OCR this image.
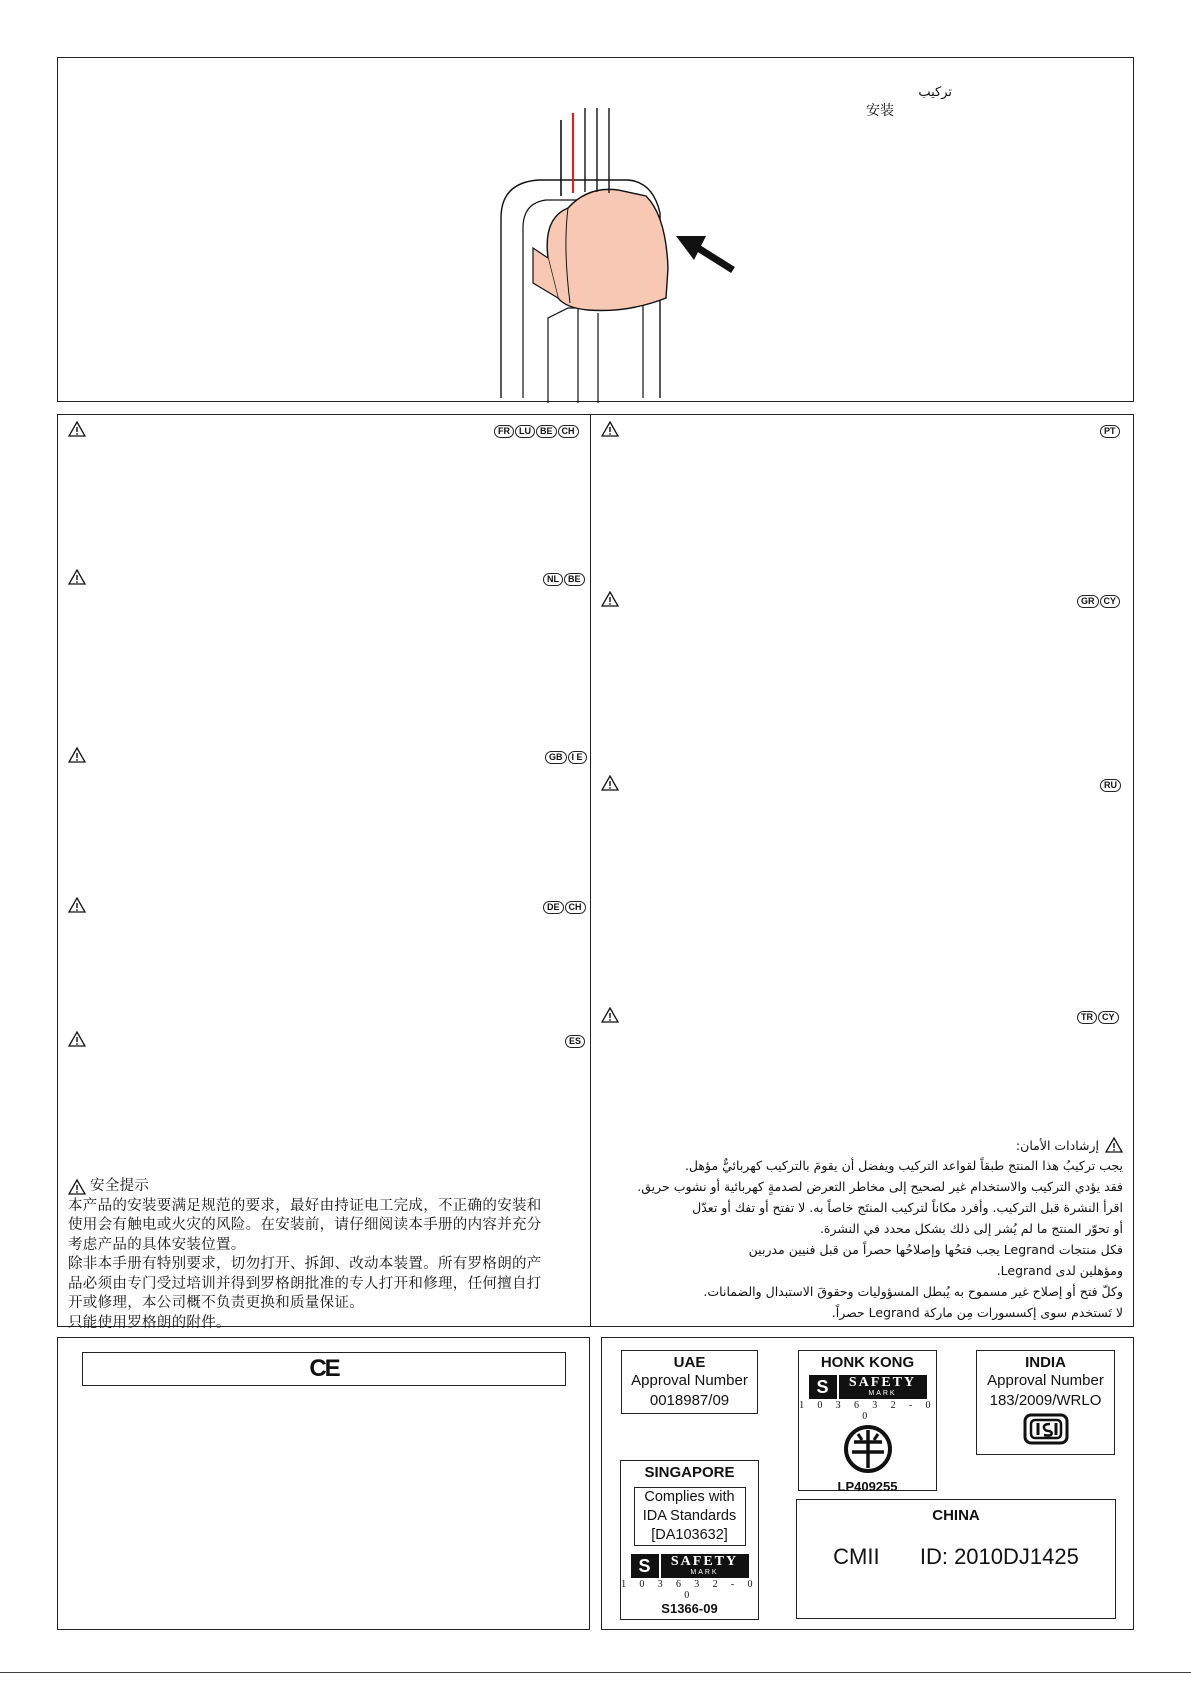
تركيب
安装
FR	LU	BE	CH
NL	BE
GB	I E
DE	CH
ES
安全提示
本产品的安装要满足规范的要求，最好由持证电工完成，不正确的安装和
使用会有触电或火灾的风险。在安装前，请仔细阅读本手册的内容并充分
考虑产品的具体安装位置。
除非本手册有特别要求，切勿打开、拆卸、改动本装置。所有罗格朗的产
品必须由专门受过培训并得到罗格朗批准的专人打开和修理，任何擅自打
开或修理，本公司概不负责更换和质量保证。
只能使用罗格朗的附件。
PT
GR	CY
RU
TR	CY
إرشادات الأمان:
يجب تركيبُ هذا المنتج طبقاً لقواعد التركيب ويفضل أن يقومَ بالتركيب كهربائيٌّ مؤهل.
فقد يؤدي التركيب والاستخدام غير لصحيح إلى مخاطر التعرض لصدمةٍ كهربائية أو نشوب حريق.
اقرأ النشرة قبل التركيب. وأفرد مكاناً لتركيب المنتَج خاصاً به. لا تفتح أو تفك أو تعدّل
أو تحوّر المنتج ما لم يُشر إلى ذلك بشكل محدد في النشرة.
فكل منتجات Legrand يجب فتحُها وإصلاحُها حصراً من قبل فنيين مدربين
ومؤهلين لدى Legrand.
وكلّ فتح أو إصلاح غير مسموح به يُبطل المسؤوليات وحقوقَ الاستبدال والضمانات.
لا تَستخدم سوى إكسسورات مِن ماركة Legrand حصراً.
CE	UAE
Approval Number
0018987/09
HONK KONG
S	SAFETY
MARK
1 0 3 6 3 2 - 0 0
LP409255
INDIA
Approval Number
183/2009/WRLO
SINGAPORE
Complies with
IDA Standards
[DA103632]
S	SAFETY
MARK
1 0 3 6 3 2 - 0 0
S1366-09
CHINA
CMII ID: 2010DJ1425
